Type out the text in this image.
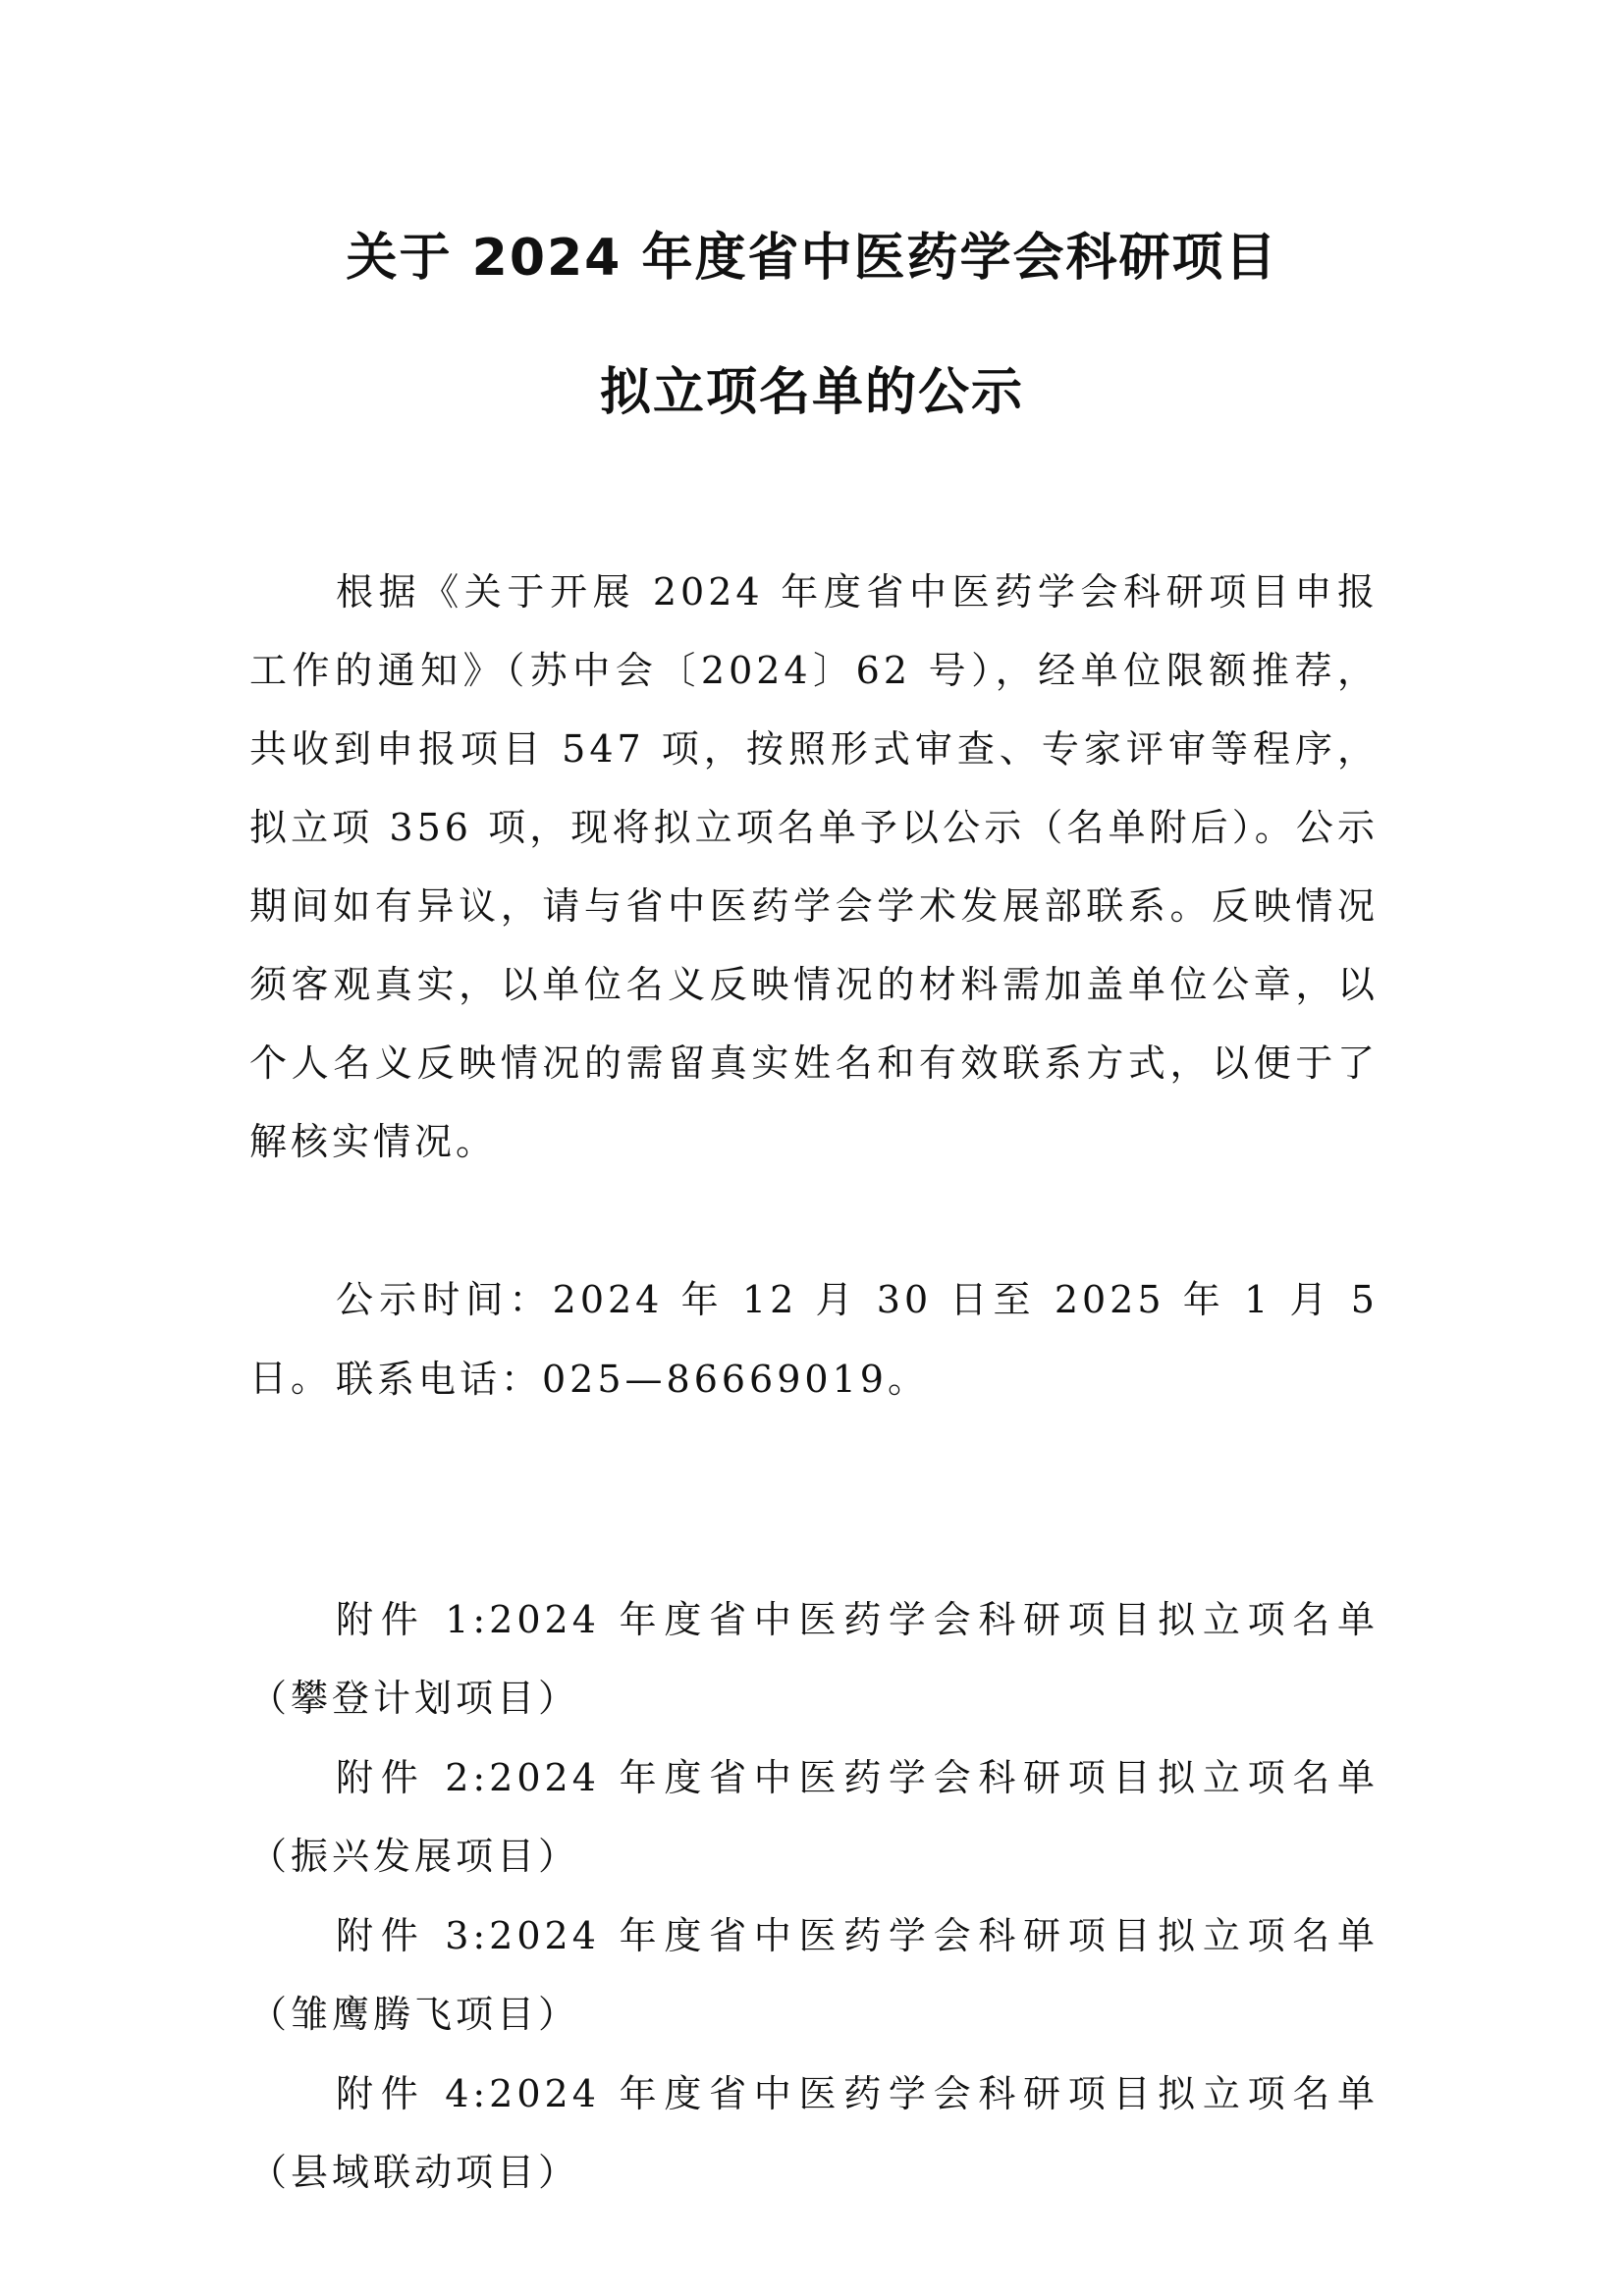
关于 2024 年度省中医药学会科研项目
拟立项名单的公示

根据《关于开展 2024 年度省中医药学会科研项目申报工作的通知》（苏中会〔2024〕62 号），经单位限额推荐，共收到申报项目 547 项，按照形式审查、专家评审等程序，拟立项 356 项，现将拟立项名单予以公示（名单附后）。公示期间如有异议，请与省中医药学会学术发展部联系。反映情况须客观真实，以单位名义反映情况的材料需加盖单位公章，以个人名义反映情况的需留真实姓名和有效联系方式，以便于了解核实情况。

公示时间：2024 年 12 月 30 日至 2025 年 1 月 5 日。 联系电话：025—86669019。

附件 1:2024 年度省中医药学会科研项目拟立项名单（攀登计划项目）

附件 2:2024 年度省中医药学会科研项目拟立项名单（振兴发展项目）

附件 3:2024 年度省中医药学会科研项目拟立项名单（雏鹰腾飞项目）

附件 4:2024 年度省中医药学会科研项目拟立项名单（县域联动项目）
